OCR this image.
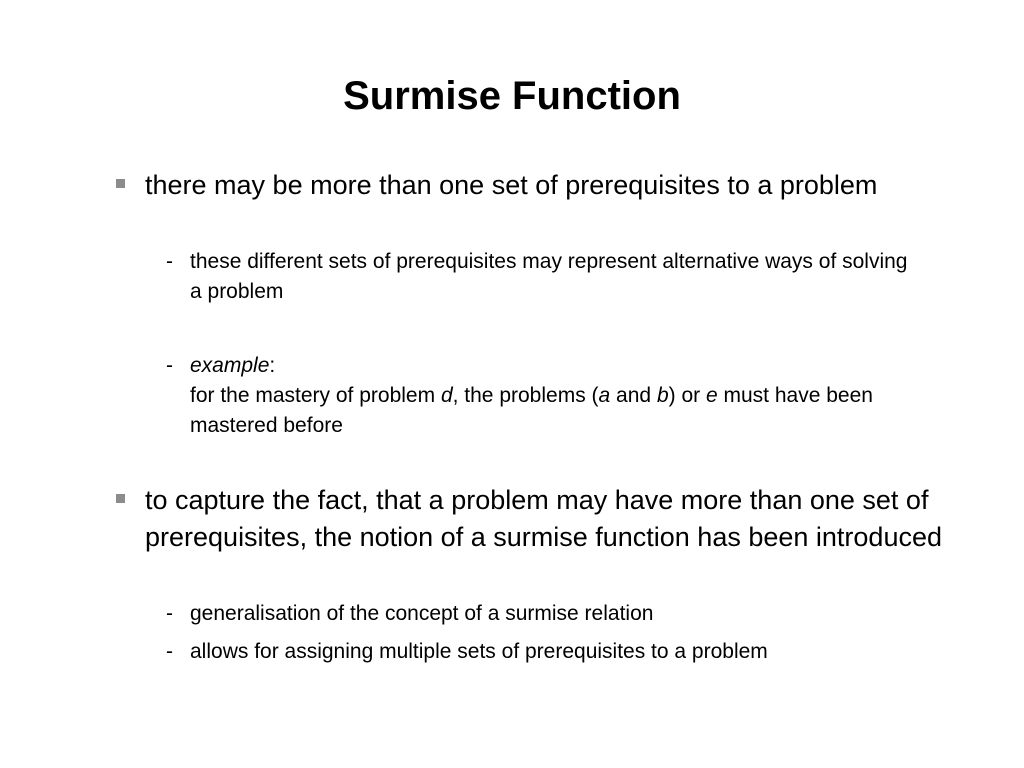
Surmise Function
there may be more than one set of prerequisites to a problem
- these different sets of prerequisites may represent alternative ways of solving a problem
- example:
for the mastery of problem d, the problems (a and b) or e must have been mastered before
to capture the fact, that a problem may have more than one set of prerequisites, the notion of a surmise function has been introduced
- generalisation of the concept of a surmise relation
- allows for assigning multiple sets of prerequisites to a problem
